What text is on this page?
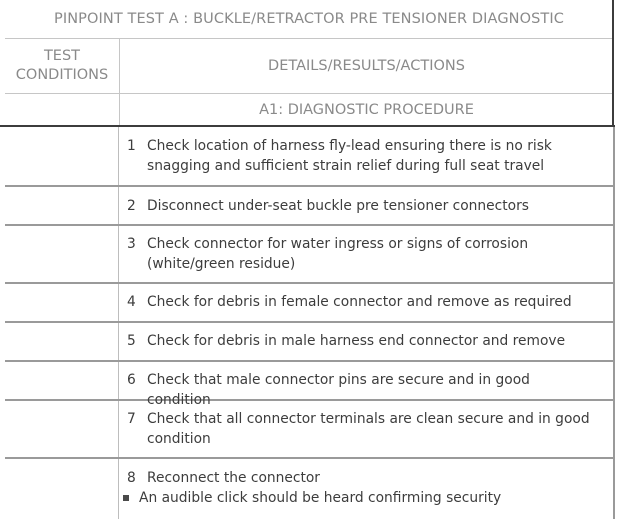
PINPOINT TEST A : BUCKLE/RETRACTOR PRE TENSIONER DIAGNOSTIC
TEST
CONDITIONS
DETAILS/RESULTS/ACTIONS
A1: DIAGNOSTIC PROCEDURE
1 Check location of harness fly-lead ensuring there is no risk snagging and sufficient strain relief during full seat travel
2 Disconnect under-seat buckle pre tensioner connectors
3 Check connector for water ingress or signs of corrosion (white/green residue)
4 Check for debris in female connector and remove as required
5 Check for debris in male harness end connector and remove
6 Check that male connector pins are secure and in good condition
7 Check that all connector terminals are clean secure and in good condition
8 Reconnect the connector
An audible click should be heard confirming security
